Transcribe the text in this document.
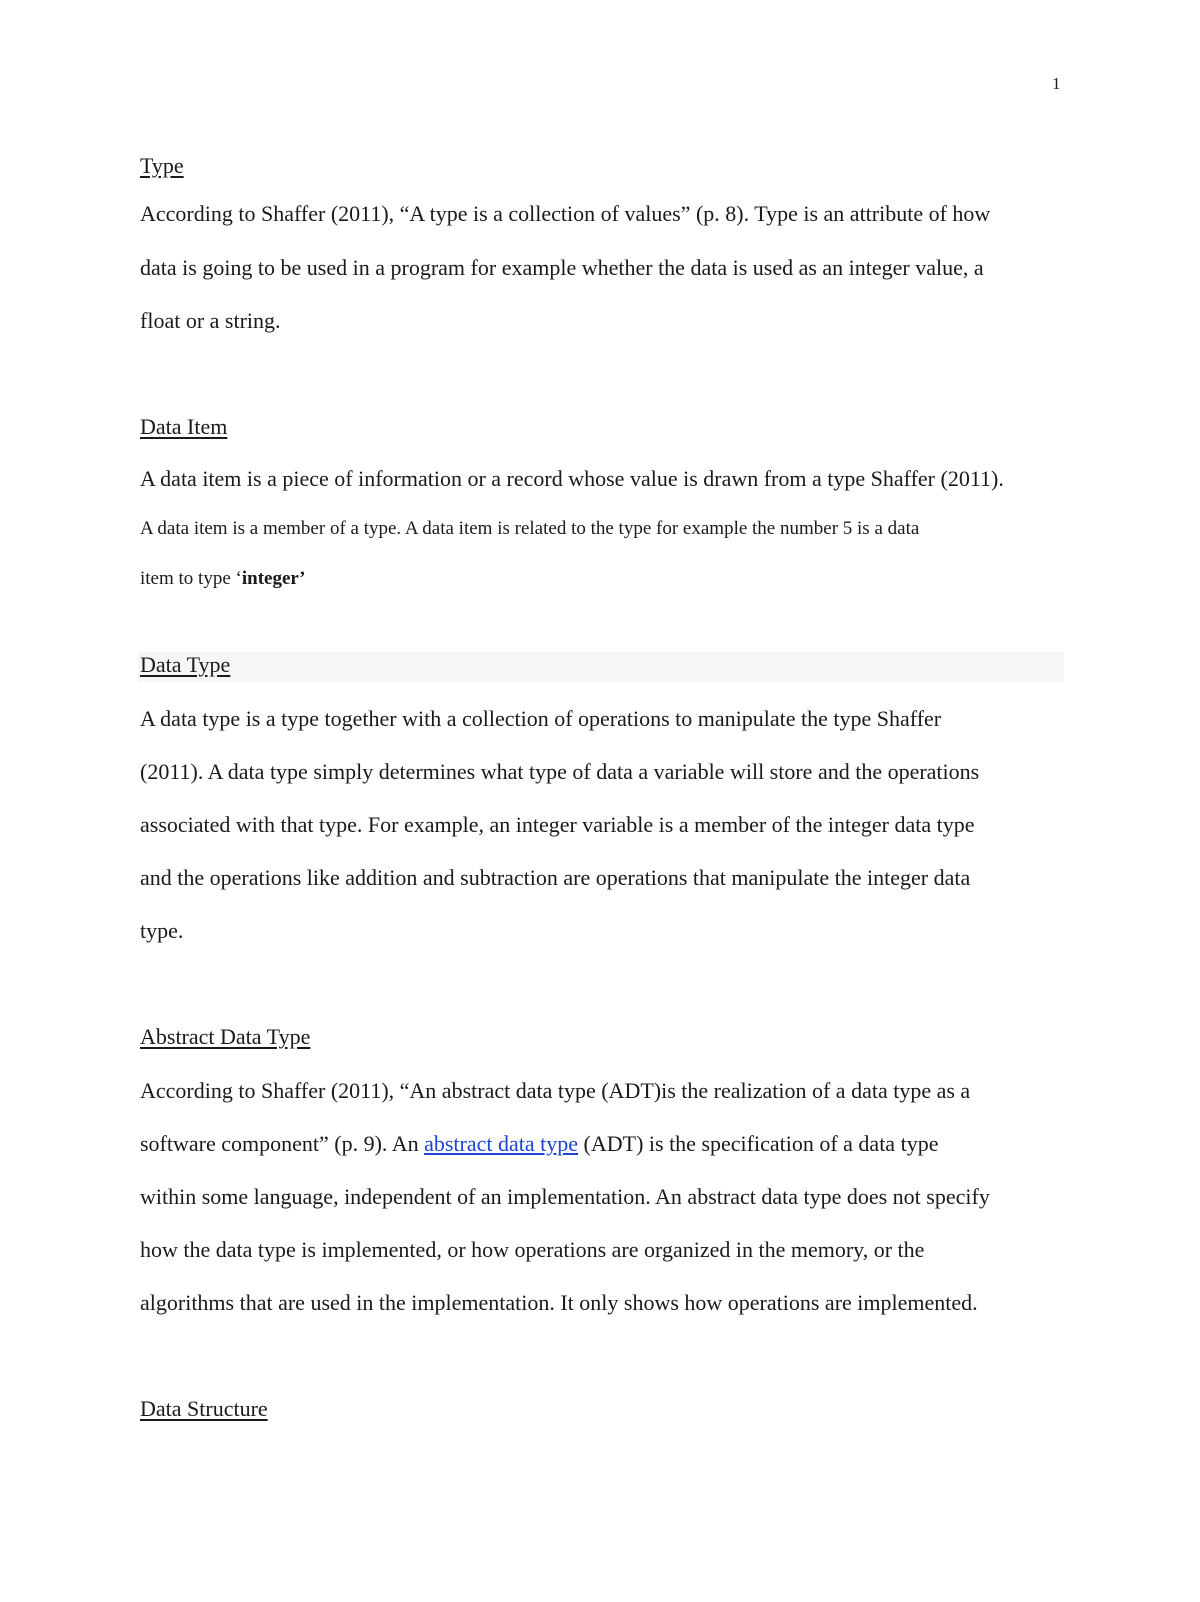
1
Type
According to Shaffer (2011), “A type is a collection of values” (p. 8). Type is an attribute of how
data is going to be used in a program for example whether the data is used as an integer value, a
float or a string.
Data Item
A data item is a piece of information or a record whose value is drawn from a type Shaffer (2011).
A data item is a member of a type. A data item is related to the type for example the number 5 is a data
item to type ‘integer’
Data Type
A data type is a type together with a collection of operations to manipulate the type Shaffer
(2011). A data type simply determines what type of data a variable will store and the operations
associated with that type. For example, an integer variable is a member of the integer data type
and the operations like addition and subtraction are operations that manipulate the integer data
type.
Abstract Data Type
According to Shaffer (2011), “An abstract data type (ADT)is the realization of a data type as a
software component” (p. 9). An abstract data type (ADT) is the specification of a data type
within some language, independent of an implementation. An abstract data type does not specify
how the data type is implemented, or how operations are organized in the memory, or the
algorithms that are used in the implementation. It only shows how operations are implemented.
Data Structure
